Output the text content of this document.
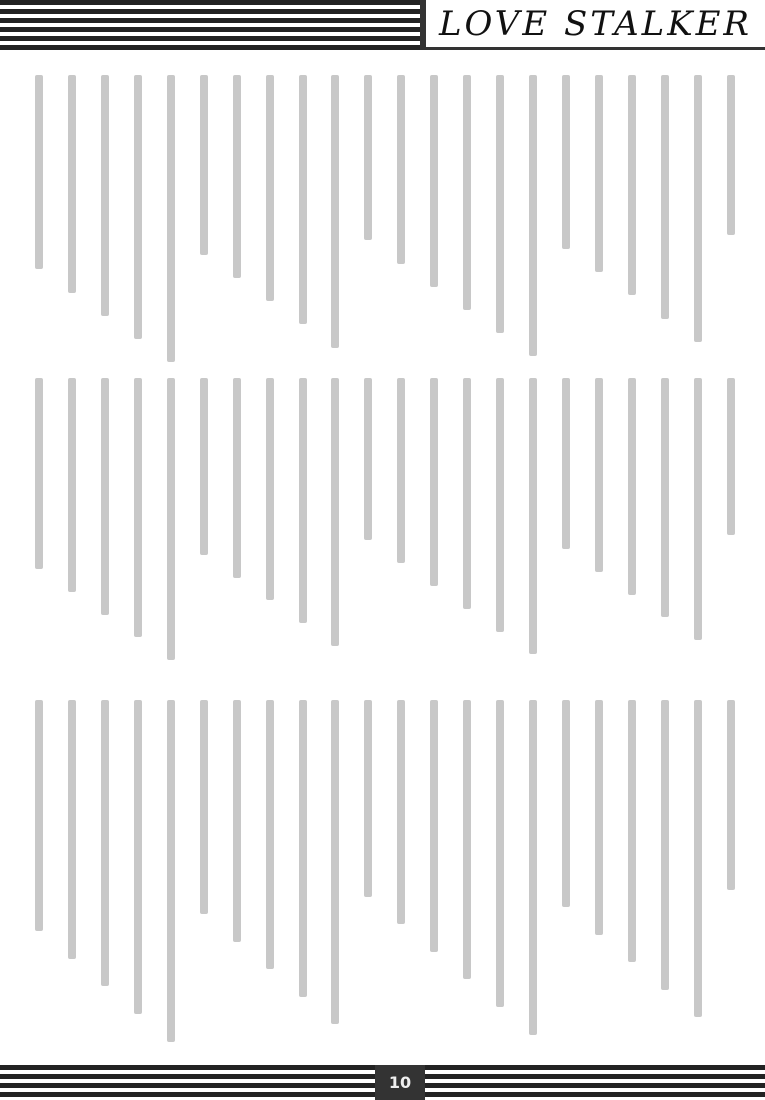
LOVE STALKER
10
